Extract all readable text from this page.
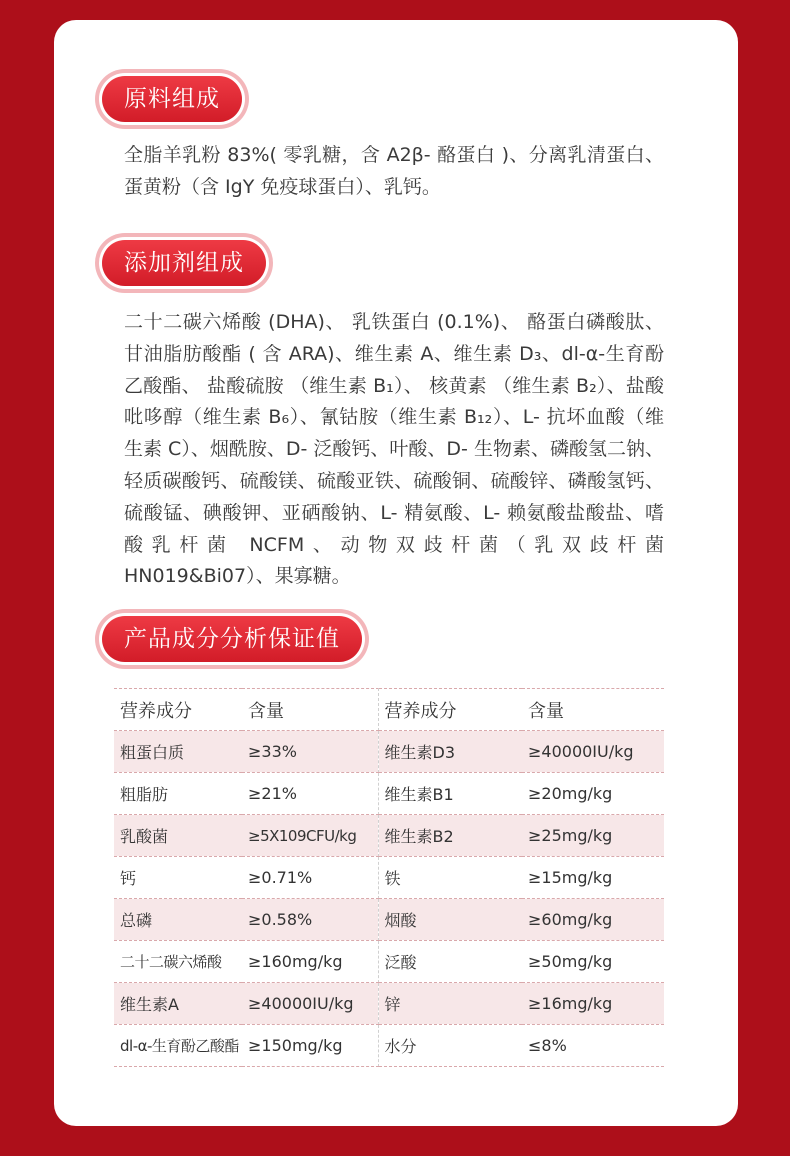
原料组成

全脂羊乳粉 83%( 零乳糖，含 A2β- 酪蛋白 )、分离乳清蛋白、蛋黄粉（含 IgY 免疫球蛋白）、乳钙。

添加剂组成

二十二碳六烯酸 (DHA)、 乳铁蛋白 (0.1%)、 酪蛋白磷酸肽、甘油脂肪酸酯 ( 含 ARA)、维生素 A、维生素 D₃、dl-α-生育酚乙酸酯、 盐酸硫胺 （维生素 B₁）、 核黄素 （维生素 B₂）、盐酸吡哆醇（维生素 B₆）、氰钴胺（维生素 B₁₂）、L- 抗坏血酸（维生素 C）、烟酰胺、D- 泛酸钙、叶酸、D- 生物素、磷酸氢二钠、轻质碳酸钙、硫酸镁、硫酸亚铁、硫酸铜、硫酸锌、磷酸氢钙、硫酸锰、碘酸钾、亚硒酸钠、L- 精氨酸、L- 赖氨酸盐酸盐、嗜酸乳杆菌 NCFM、动物双歧杆菌（乳双歧杆菌 HN019&Bi07）、果寡糖。

产品成分分析保证值
营养成分	含量	营养成分	含量
粗蛋白质	≥33%	维生素D3	≥40000IU/kg
粗脂肪	≥21%	维生素B1	≥20mg/kg
乳酸菌	≥5X109CFU/kg	维生素B2	≥25mg/kg
钙	≥0.71%	铁	≥15mg/kg
总磷	≥0.58%	烟酸	≥60mg/kg
二十二碳六烯酸	≥160mg/kg	泛酸	≥50mg/kg
维生素A	≥40000IU/kg	锌	≥16mg/kg
dl-α-生育酚乙酸酯	≥150mg/kg	水分	≤8%
